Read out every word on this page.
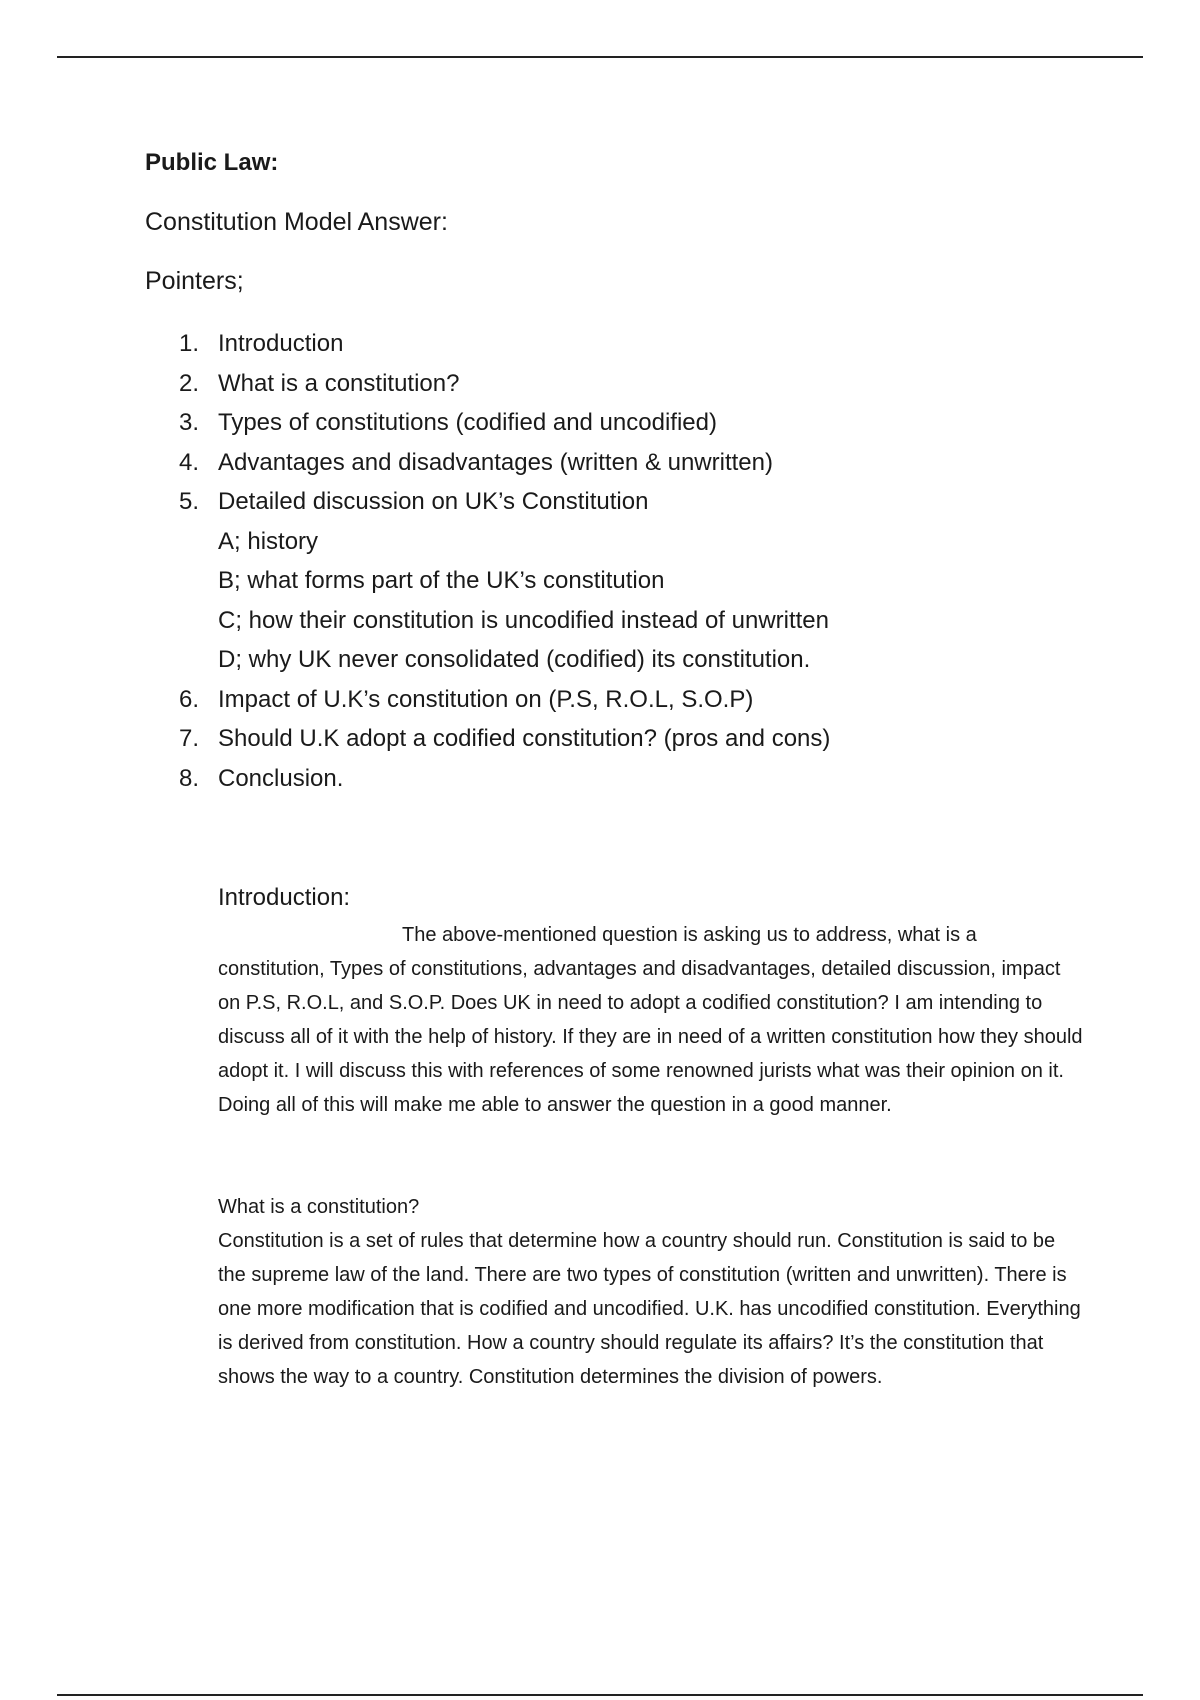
Public Law:
Constitution Model Answer:
Pointers;
1. Introduction
2. What is a constitution?
3. Types of constitutions (codified and uncodified)
4. Advantages and disadvantages (written & unwritten)
5. Detailed discussion on UK’s Constitution
A; history
B; what forms part of the UK’s constitution
C; how their constitution is uncodified instead of unwritten
D; why UK never consolidated (codified) its constitution.
6. Impact of U.K’s constitution on (P.S, R.O.L, S.O.P)
7. Should U.K adopt a codified constitution? (pros and cons)
8. Conclusion.
Introduction:

The above-mentioned question is asking us to address, what is a constitution, Types of constitutions, advantages and disadvantages, detailed discussion, impact on P.S, R.O.L, and S.O.P. Does UK in need to adopt a codified constitution? I am intending to discuss all of it with the help of history. If they are in need of a written constitution how they should adopt it. I will discuss this with references of some renowned jurists what was their opinion on it. Doing all of this will make me able to answer the question in a good manner.

What is a constitution?

Constitution is a set of rules that determine how a country should run. Constitution is said to be the supreme law of the land. There are two types of constitution (written and unwritten). There is one more modification that is codified and uncodified. U.K. has uncodified constitution. Everything is derived from constitution. How a country should regulate its affairs? It’s the constitution that shows the way to a country. Constitution determines the division of powers.
